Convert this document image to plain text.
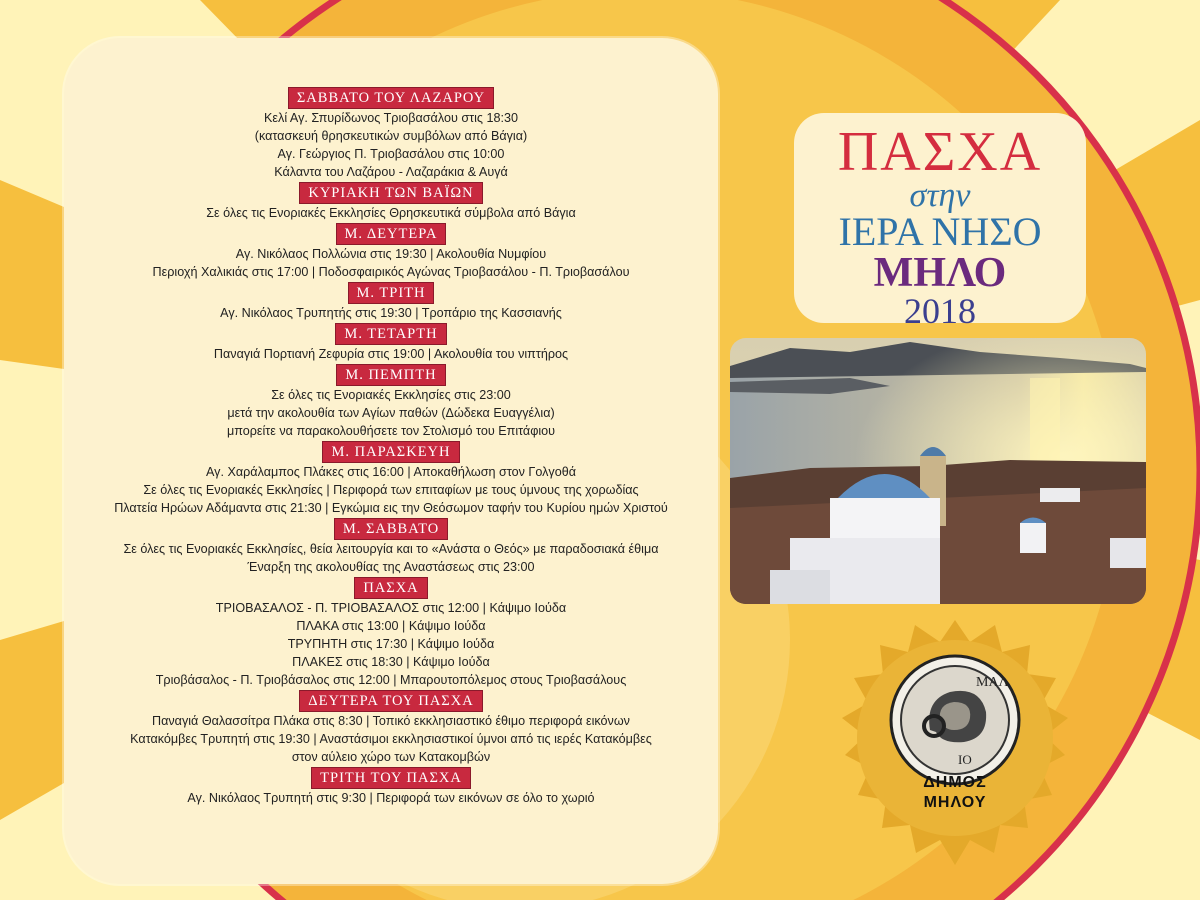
ΣΑΒΒΑΤΟ ΤΟΥ ΛΑΖΑΡΟΥ
Κελί Αγ. Σπυρίδωνος Τριοβασάλου στις 18:30
(κατασκευή θρησκευτικών συμβόλων από Βάγια)
Αγ. Γεώργιος Π. Τριοβασάλου στις 10:00
Κάλαντα του Λαζάρου - Λαζαράκια & Αυγά
ΚΥΡΙΑΚΗ ΤΩΝ ΒΑΪΩΝ
Σε όλες τις Ενοριακές Εκκλησίες Θρησκευτικά σύμβολα από Βάγια
Μ. ΔΕΥΤΕΡΑ
Αγ. Νικόλαος Πολλώνια στις 19:30 | Ακολουθία Νυμφίου
Περιοχή Χαλικιάς στις 17:00 | Ποδοσφαιρικός Αγώνας Τριοβασάλου - Π. Τριοβασάλου
Μ. ΤΡΙΤΗ
Αγ. Νικόλαος Τρυπητής στις 19:30 | Τροπάριο της Κασσιανής
Μ. ΤΕΤΑΡΤΗ
Παναγιά Πορτιανή Ζεφυρία στις 19:00 | Ακολουθία του νιπτήρος
Μ. ΠΕΜΠΤΗ
Σε όλες τις Ενοριακές Εκκλησίες στις 23:00
μετά την ακολουθία των Αγίων παθών (Δώδεκα Ευαγγέλια)
μπορείτε να παρακολουθήσετε τον Στολισμό του Επιτάφιου
Μ. ΠΑΡΑΣΚΕΥΗ
Αγ. Χαράλαμπος Πλάκες στις 16:00 | Αποκαθήλωση στον Γολγοθά
Σε όλες τις Ενοριακές Εκκλησίες | Περιφορά των επιταφίων με τους ύμνους της χορωδίας
Πλατεία Ηρώων Αδάμαντα στις 21:30 | Εγκώμια εις την Θεόσωμον ταφήν του Κυρίου ημών Χριστού
Μ. ΣΑΒΒΑΤΟ
Σε όλες τις Ενοριακές Εκκλησίες, θεία λειτουργία και το «Ανάστα ο Θεός» με παραδοσιακά έθιμα
Έναρξη της ακολουθίας της Αναστάσεως στις 23:00
ΠΑΣΧΑ
ΤΡΙΟΒΑΣΑΛΟΣ - Π. ΤΡΙΟΒΑΣΑΛΟΣ στις 12:00 | Κάψιμο Ιούδα
ΠΛΑΚΑ στις 13:00 | Κάψιμο Ιούδα
ΤΡΥΠΗΤΗ στις 17:30 | Κάψιμο Ιούδα
ΠΛΑΚΕΣ στις 18:30 | Κάψιμο Ιούδα
Τριοβάσαλος - Π. Τριοβάσαλος στις 12:00 | Μπαρουτοπόλεμος στους Τριοβασάλους
ΔΕΥΤΕΡΑ ΤΟΥ ΠΑΣΧΑ
Παναγιά Θαλασσίτρα Πλάκα στις 8:30 | Τοπικό εκκλησιαστικό έθιμο περιφορά εικόνων
Κατακόμβες Τρυπητή στις 19:30 | Αναστάσιμοι εκκλησιαστικοί ύμνοι από τις ιερές Κατακόμβες
στον αύλειο χώρο των Κατακομβών
ΤΡΙΤΗ ΤΟΥ ΠΑΣΧΑ
Αγ. Νικόλαος Τρυπητή στις 9:30 | Περιφορά των εικόνων σε όλο το χωριό
ΠΑΣΧΑ
στην
ΙΕΡΑ ΝΗΣΟ
ΜΗΛΟ
2018
ΜΑΛ
ΙΟ
ΔΗΜΟΣ
ΜΗΛΟΥ
